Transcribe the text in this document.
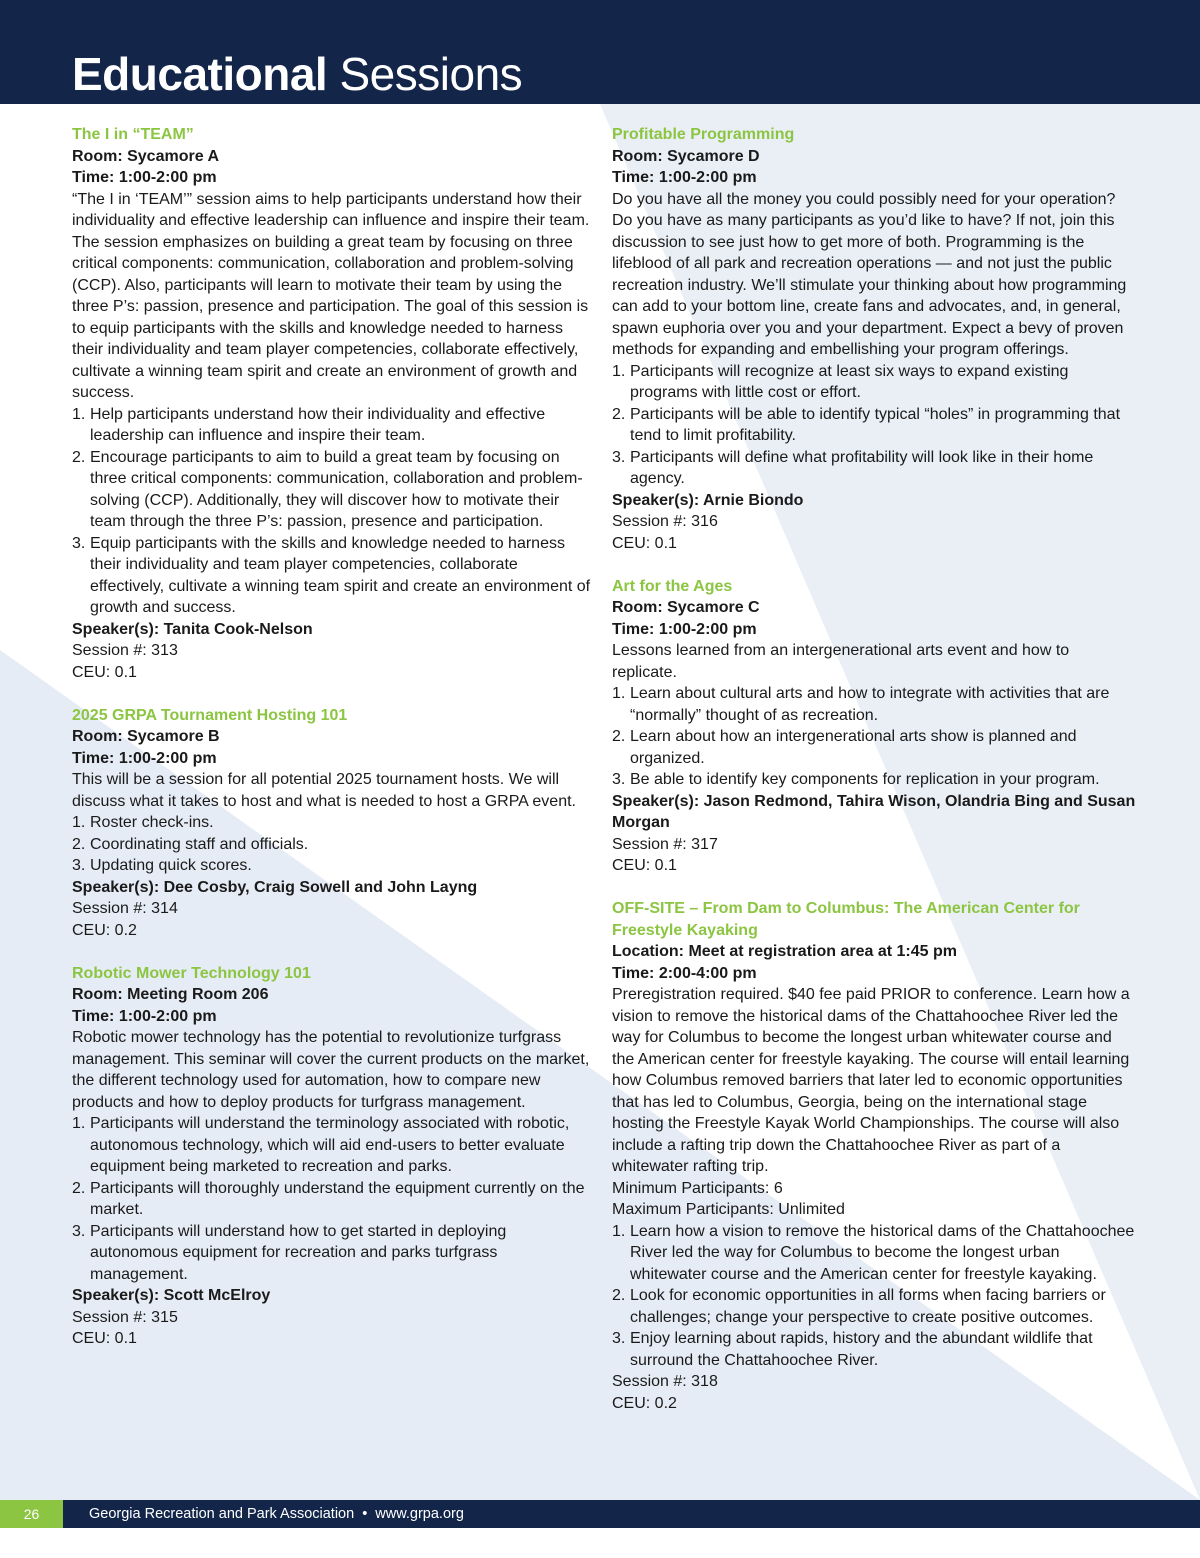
Educational Sessions
The I in “TEAM”
Room: Sycamore A
Time: 1:00-2:00 pm

“The I in ‘TEAM’” session aims to help participants understand how their individuality and effective leadership can influence and inspire their team. The session emphasizes on building a great team by focusing on three critical components: communication, collaboration and problem-solving (CCP). Also, participants will learn to motivate their team by using the three P’s: passion, presence and participation. The goal of this session is to equip participants with the skills and knowledge needed to harness their individuality and team player competencies, collaborate effectively, cultivate a winning team spirit and create an environment of growth and success.

1. Help participants understand how their individuality and effective leadership can influence and inspire their team.
2. Encourage participants to aim to build a great team by focusing on three critical components: communication, collaboration and problem-solving (CCP). Additionally, they will discover how to motivate their team through the three P’s: passion, presence and participation.
3. Equip participants with the skills and knowledge needed to harness their individuality and team player competencies, collaborate effectively, cultivate a winning team spirit and create an environment of growth and success.
Speaker(s): Tanita Cook-Nelson
Session #: 313
CEU: 0.1
2025 GRPA Tournament Hosting 101
Room: Sycamore B
Time: 1:00-2:00 pm

This will be a session for all potential 2025 tournament hosts. We will discuss what it takes to host and what is needed to host a GRPA event.

1. Roster check-ins.
2. Coordinating staff and officials.
3. Updating quick scores.
Speaker(s): Dee Cosby, Craig Sowell and John Layng
Session #: 314
CEU: 0.2
Robotic Mower Technology 101
Room: Meeting Room 206
Time: 1:00-2:00 pm

Robotic mower technology has the potential to revolutionize turfgrass management. This seminar will cover the current products on the market, the different technology used for automation, how to compare new products and how to deploy products for turfgrass management.

1. Participants will understand the terminology associated with robotic, autonomous technology, which will aid end-users to better evaluate equipment being marketed to recreation and parks.
2. Participants will thoroughly understand the equipment currently on the market.
3. Participants will understand how to get started in deploying autonomous equipment for recreation and parks turfgrass management.
Speaker(s): Scott McElroy
Session #: 315
CEU: 0.1
Profitable Programming
Room: Sycamore D
Time: 1:00-2:00 pm

Do you have all the money you could possibly need for your operation? Do you have as many participants as you’d like to have? If not, join this discussion to see just how to get more of both. Programming is the lifeblood of all park and recreation operations — and not just the public recreation industry. We’ll stimulate your thinking about how programming can add to your bottom line, create fans and advocates, and, in general, spawn euphoria over you and your department. Expect a bevy of proven methods for expanding and embellishing your program offerings.

1. Participants will recognize at least six ways to expand existing programs with little cost or effort.
2. Participants will be able to identify typical “holes” in programming that tend to limit profitability.
3. Participants will define what profitability will look like in their home agency.
Speaker(s): Arnie Biondo
Session #: 316
CEU: 0.1
Art for the Ages
Room: Sycamore C
Time: 1:00-2:00 pm

Lessons learned from an intergenerational arts event and how to replicate.

1. Learn about cultural arts and how to integrate with activities that are “normally” thought of as recreation.
2. Learn about how an intergenerational arts show is planned and organized.
3. Be able to identify key components for replication in your program.
Speaker(s): Jason Redmond, Tahira Wison, Olandria Bing and Susan Morgan
Session #: 317
CEU: 0.1
OFF-SITE – From Dam to Columbus: The American Center for Freestyle Kayaking
Location: Meet at registration area at 1:45 pm
Time: 2:00-4:00 pm

Preregistration required. $40 fee paid PRIOR to conference. Learn how a vision to remove the historical dams of the Chattahoochee River led the way for Columbus to become the longest urban whitewater course and the American center for freestyle kayaking. The course will entail learning how Columbus removed barriers that later led to economic opportunities that has led to Columbus, Georgia, being on the international stage hosting the Freestyle Kayak World Championships. The course will also include a rafting trip down the Chattahoochee River as part of a whitewater rafting trip.

Minimum Participants: 6
Maximum Participants: Unlimited
1. Learn how a vision to remove the historical dams of the Chattahoochee River led the way for Columbus to become the longest urban whitewater course and the American center for freestyle kayaking.
2. Look for economic opportunities in all forms when facing barriers or challenges; change your perspective to create positive outcomes.
3. Enjoy learning about rapids, history and the abundant wildlife that surround the Chattahoochee River.
Session #: 318
CEU: 0.2
26	Georgia Recreation and Park Association • www.grpa.org
